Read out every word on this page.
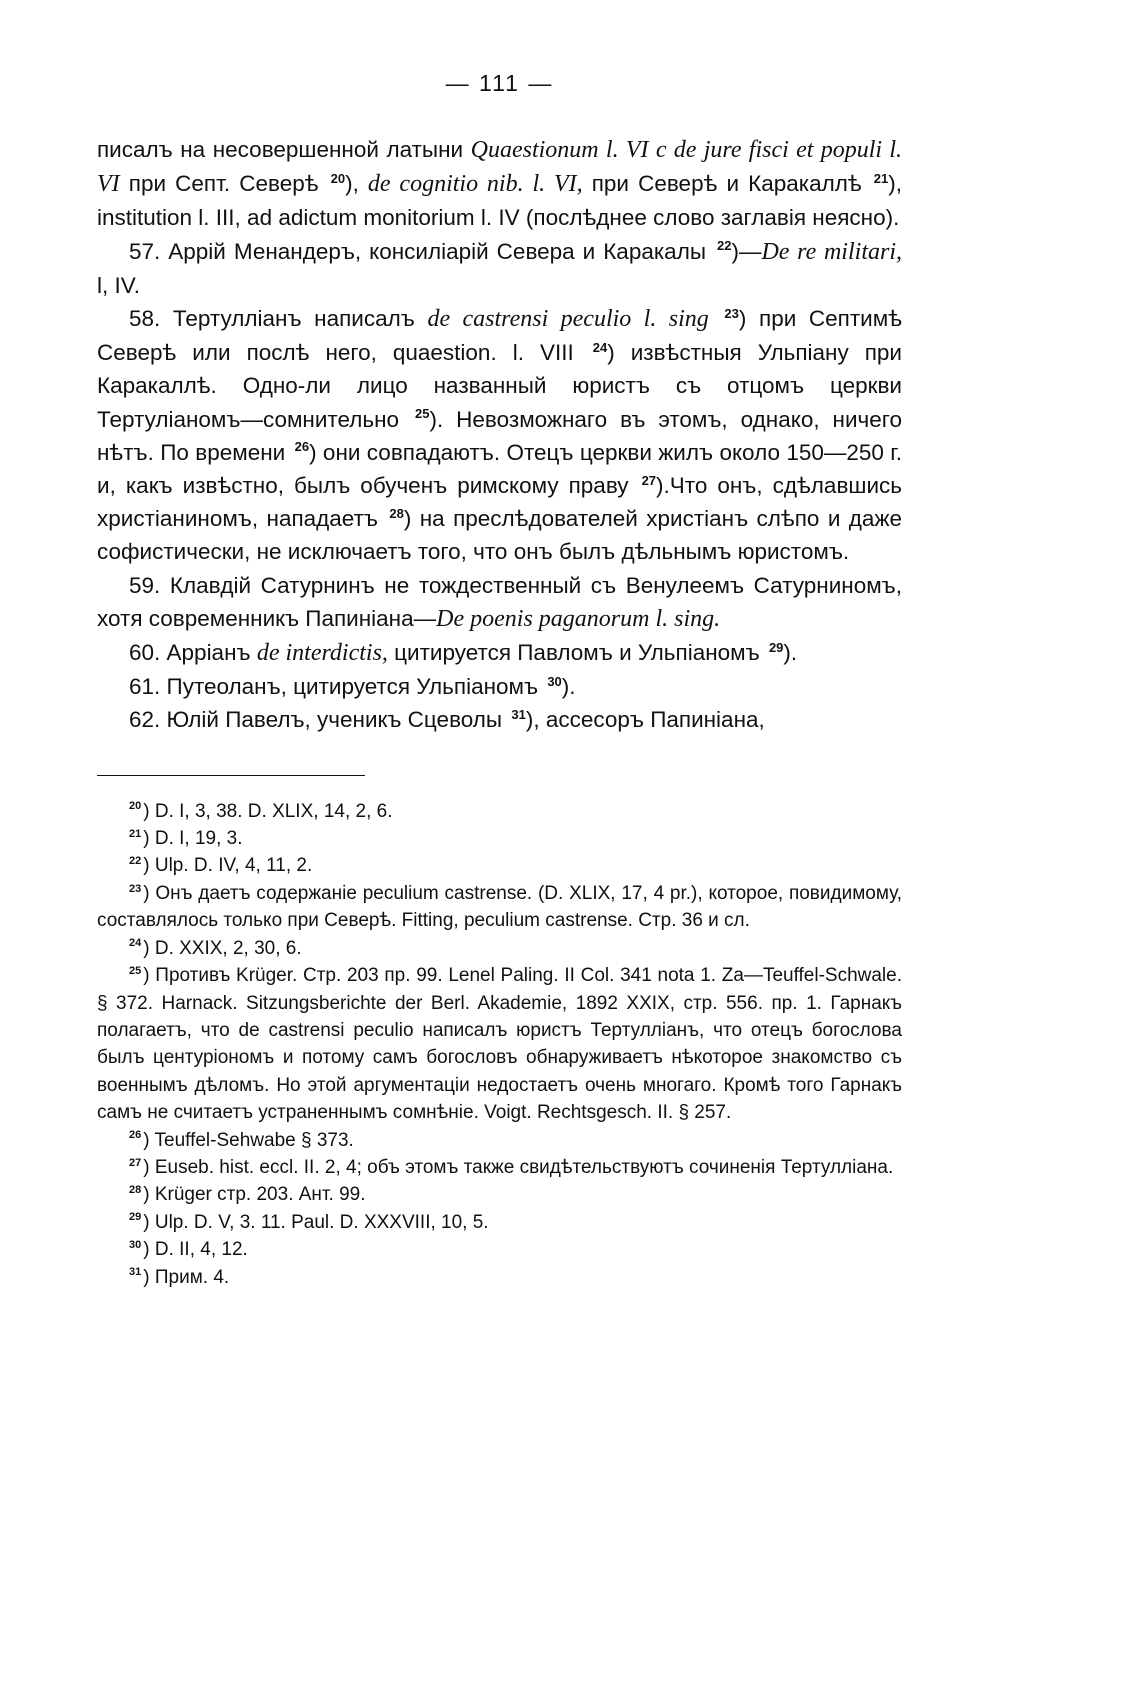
— 111 —

писалъ на несовершенной латыни Quaestionum l. VI c de jure fisci et populi l. VI при Септ. Северѣ $^{20}$), de cognitio nib. l. VI, при Северѣ и Каракаллѣ $^{21}$), institution l. III, ad adictum monitorium l. IV (послѣднее слово заглавія неясно).

57. Аррій Менандеръ, консиліарій Севера и Каракалы $^{22}$)—De re militari, l, IV.

58. Тертулліанъ написалъ de castrensi peculio l. sing $^{23}$) при Септимѣ Северѣ или послѣ него, quaestion. l. VIII $^{24}$) извѣстныя Ульпіану при Каракаллѣ. Одно-ли лицо названный юристъ съ отцомъ церкви Тертуліаномъ—сомнительно $^{25}$). Невозможнаго въ этомъ, однако, ничего нѣтъ. По времени $^{26}$) они совпадаютъ. Отецъ церкви жилъ около 150—250 г. и, какъ извѣстно, былъ обученъ римскому праву $^{27}$).Что онъ, сдѣлавшись христіаниномъ, нападаетъ $^{28}$) на преслѣдователей христіанъ слѣпо и даже софистически, не исключаетъ того, что онъ былъ дѣльнымъ юристомъ.

59. Клавдій Сатурнинъ не тождественный съ Венулеемъ Сатурниномъ, хотя современникъ Папиніана—De poenis paganorum l. sing.

60. Арріанъ de interdictis, цитируется Павломъ и Ульпіаномъ $^{29}$).

61. Путеоланъ, цитируется Ульпіаномъ $^{30}$).

62. Юлій Павелъ, ученикъ Сцеволы $^{31}$), ассесоръ Папиніана,

$^{20}$ ) D. I, 3, 38. D. XLIX, 14, 2, 6.

$^{21}$ ) D. I, 19, 3.

$^{22}$ ) Ulp. D. IV, 4, 11, 2.

$^{23}$ ) Онъ даетъ содержаніе peculium castrense. (D. XLIX, 17, 4 pr.), которое, повидимому, составлялось только при Северѣ. Fitting, peculium castrense. Стр. 36 и сл.

$^{24}$ ) D. XXIX, 2, 30, 6.

$^{25}$ ) Противъ Krüger. Стр. 203 пр. 99. Lenel Paling. II Col. 341 nota 1. Za—Teuffel-Schwale. § 372. Harnack. Sitzungsberichte der Berl. Akademie, 1892 XXIX, стр. 556. пр. 1. Гарнакъ полагаетъ, что de castrensi peculio написалъ юристъ Тертулліанъ, что отецъ богослова былъ центуріономъ и потому самъ богословъ обнаруживаетъ нѣкоторое знакомство съ военнымъ дѣломъ. Но этой аргументаціи недостаетъ очень многаго. Кромѣ того Гарнакъ самъ не считаетъ устраненнымъ сомнѣніе. Voigt. Rechtsgesch. II. § 257.

$^{26}$ ) Teuffel-Sehwabe § 373.

$^{27}$ ) Euseb. hist. eccl. II. 2, 4; объ этомъ также свидѣтельствуютъ сочиненія Тертулліана.

$^{28}$ ) Krüger стр. 203. Ант. 99.

$^{29}$ ) Ulp. D. V, 3. 11. Paul. D. XXXVIII, 10, 5.

$^{30}$ ) D. II, 4, 12.

$^{31}$ ) Прим. 4.
